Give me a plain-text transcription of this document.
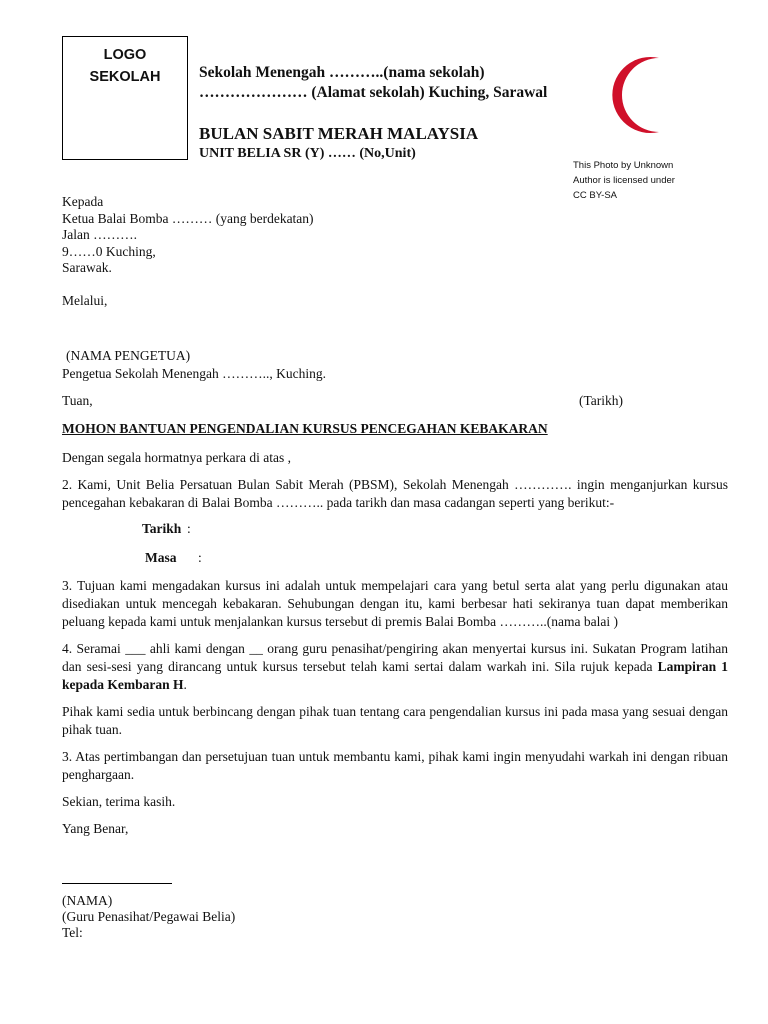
LOGO
SEKOLAH	Sekolah Menengah ………..(nama sekolah)
………………… (Alamat sekolah) Kuching, Sarawal
BULAN SABIT MERAH MALAYSIA
UNIT BELIA SR (Y) …… (No,Unit)
This Photo by Unknown
Author is licensed under
CC BY-SA
Kepada
Ketua Balai Bomba ……… (yang berdekatan)
Jalan ……….
9……0 Kuching,
Sarawak.
Melalui,
(NAMA PENGETUA)
Pengetua Sekolah Menengah ……….., Kuching.
Tuan,	(Tarikh)
MOHON BANTUAN PENGENDALIAN KURSUS PENCEGAHAN KEBAKARAN
Dengan segala hormatnya perkara di atas ,
2. Kami, Unit Belia Persatuan Bulan Sabit Merah (PBSM), Sekolah Menengah …………. ingin menganjurkan kursus pencegahan kebakaran di Balai Bomba ……….. pada tarikh dan masa cadangan seperti yang berikut:-
Tarikh :
Masa :
3. Tujuan kami mengadakan kursus ini adalah untuk mempelajari cara yang betul serta alat yang perlu digunakan atau disediakan untuk mencegah kebakaran. Sehubungan dengan itu, kami berbesar hati sekiranya tuan dapat memberikan peluang kepada kami untuk menjalankan kursus tersebut di premis Balai Bomba ………..(nama balai )
4. Seramai ___ ahli kami dengan __ orang guru penasihat/pengiring akan menyertai kursus ini. Sukatan Program latihan dan sesi-sesi yang dirancang untuk kursus tersebut telah kami sertai dalam warkah ini. Sila rujuk kepada Lampiran 1 kepada Kembaran H.
Pihak kami sedia untuk berbincang dengan pihak tuan tentang cara pengendalian kursus ini pada masa yang sesuai dengan pihak tuan.
3. Atas pertimbangan dan persetujuan tuan untuk membantu kami, pihak kami ingin menyudahi warkah ini dengan ribuan penghargaan.
Sekian, terima kasih.
Yang Benar,
(NAMA)
(Guru Penasihat/Pegawai Belia)
Tel:
